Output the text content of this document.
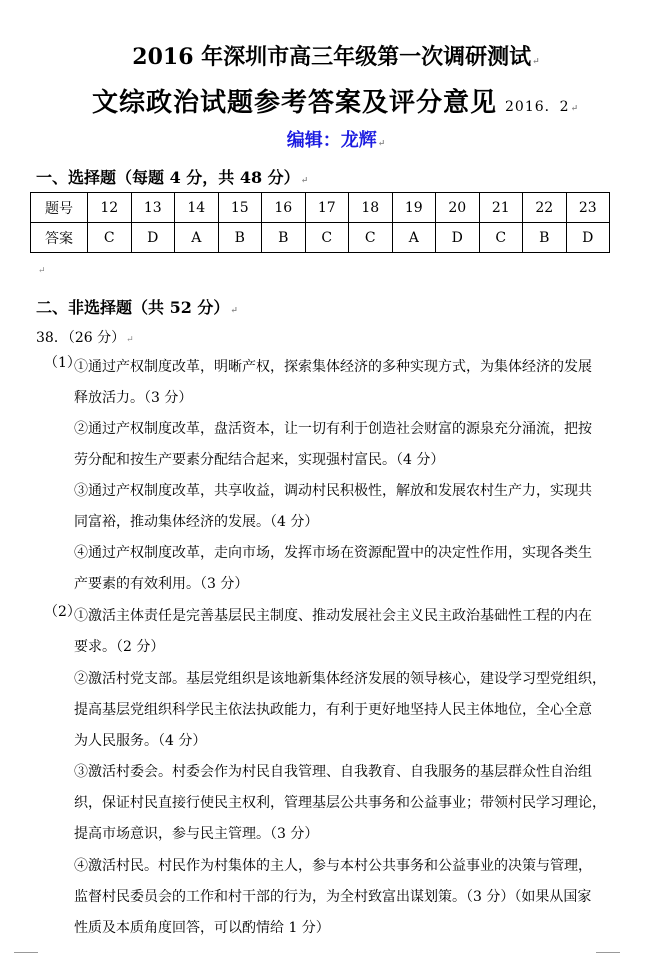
2016 年深圳市高三年级第一次调研测试↵
文综政治试题参考答案及评分意见 2016．2↵
编辑：龙辉↵
一、选择题（每题 4 分，共 48 分）↵
题号	12	13	14	15	16	17	18	19	20	21	22	23
答案	C	D	A	B	B	C	C	A	D	C	B	D
↵
二、非选择题（共 52 分）↵
38．（26 分）↵
（1）
（2）
①通过产权制度改革，明晰产权，探索集体经济的多种实现方式，为集体经济的发展
释放活力。（3 分）
②通过产权制度改革，盘活资本，让一切有利于创造社会财富的源泉充分涌流，把按
劳分配和按生产要素分配结合起来，实现强村富民。（4 分）
③通过产权制度改革，共享收益，调动村民积极性，解放和发展农村生产力，实现共
同富裕，推动集体经济的发展。（4 分）
④通过产权制度改革，走向市场，发挥市场在资源配置中的决定性作用，实现各类生
产要素的有效利用。（3 分）
①激活主体责任是完善基层民主制度、推动发展社会主义民主政治基础性工程的内在
要求。（2 分）
②激活村党支部。基层党组织是该地新集体经济发展的领导核心，建设学习型党组织，
提高基层党组织科学民主依法执政能力，有利于更好地坚持人民主体地位，全心全意
为人民服务。（4 分）
③激活村委会。村委会作为村民自我管理、自我教育、自我服务的基层群众性自治组
织，保证村民直接行使民主权利，管理基层公共事务和公益事业；带领村民学习理论，
提高市场意识，参与民主管理。（3 分）
④激活村民。村民作为村集体的主人，参与本村公共事务和公益事业的决策与管理，
监督村民委员会的工作和村干部的行为，为全村致富出谋划策。（3 分）（如果从国家
性质及本质角度回答，可以酌情给 1 分）
